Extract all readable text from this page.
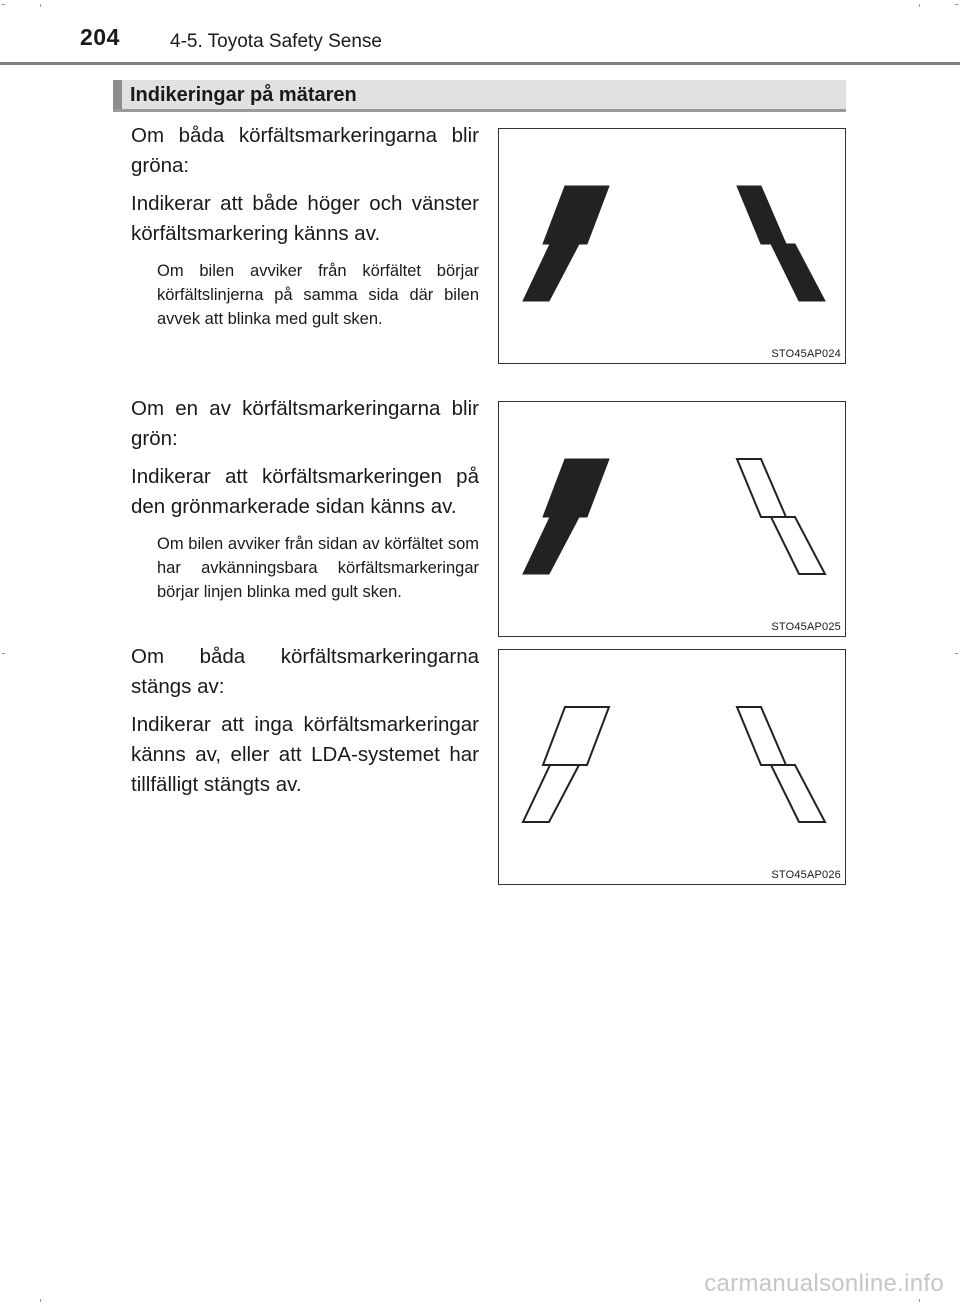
204	4-5. Toyota Safety Sense
Indikeringar på mätaren

Om båda körfältsmarkeringarna blir gröna:

Indikerar att både höger och vänster körfältsmarkering känns av.

Om bilen avviker från körfältet börjar körfältslinjerna på samma sida där bilen avvek att blinka med gult sken.

STO45AP024

Om en av körfältsmarkeringarna blir grön:

Indikerar att körfältsmarkeringen på den grönmarkerade sidan känns av.

Om bilen avviker från sidan av körfältet som har avkänningsbara körfältsmarkeringar börjar linjen blinka med gult sken.

STO45AP025

Om båda körfältsmarkeringarna stängs av:

Indikerar att inga körfältsmarkeringar känns av, eller att LDA-systemet har tillfälligt stängts av.

STO45AP026
carmanualsonline.info
